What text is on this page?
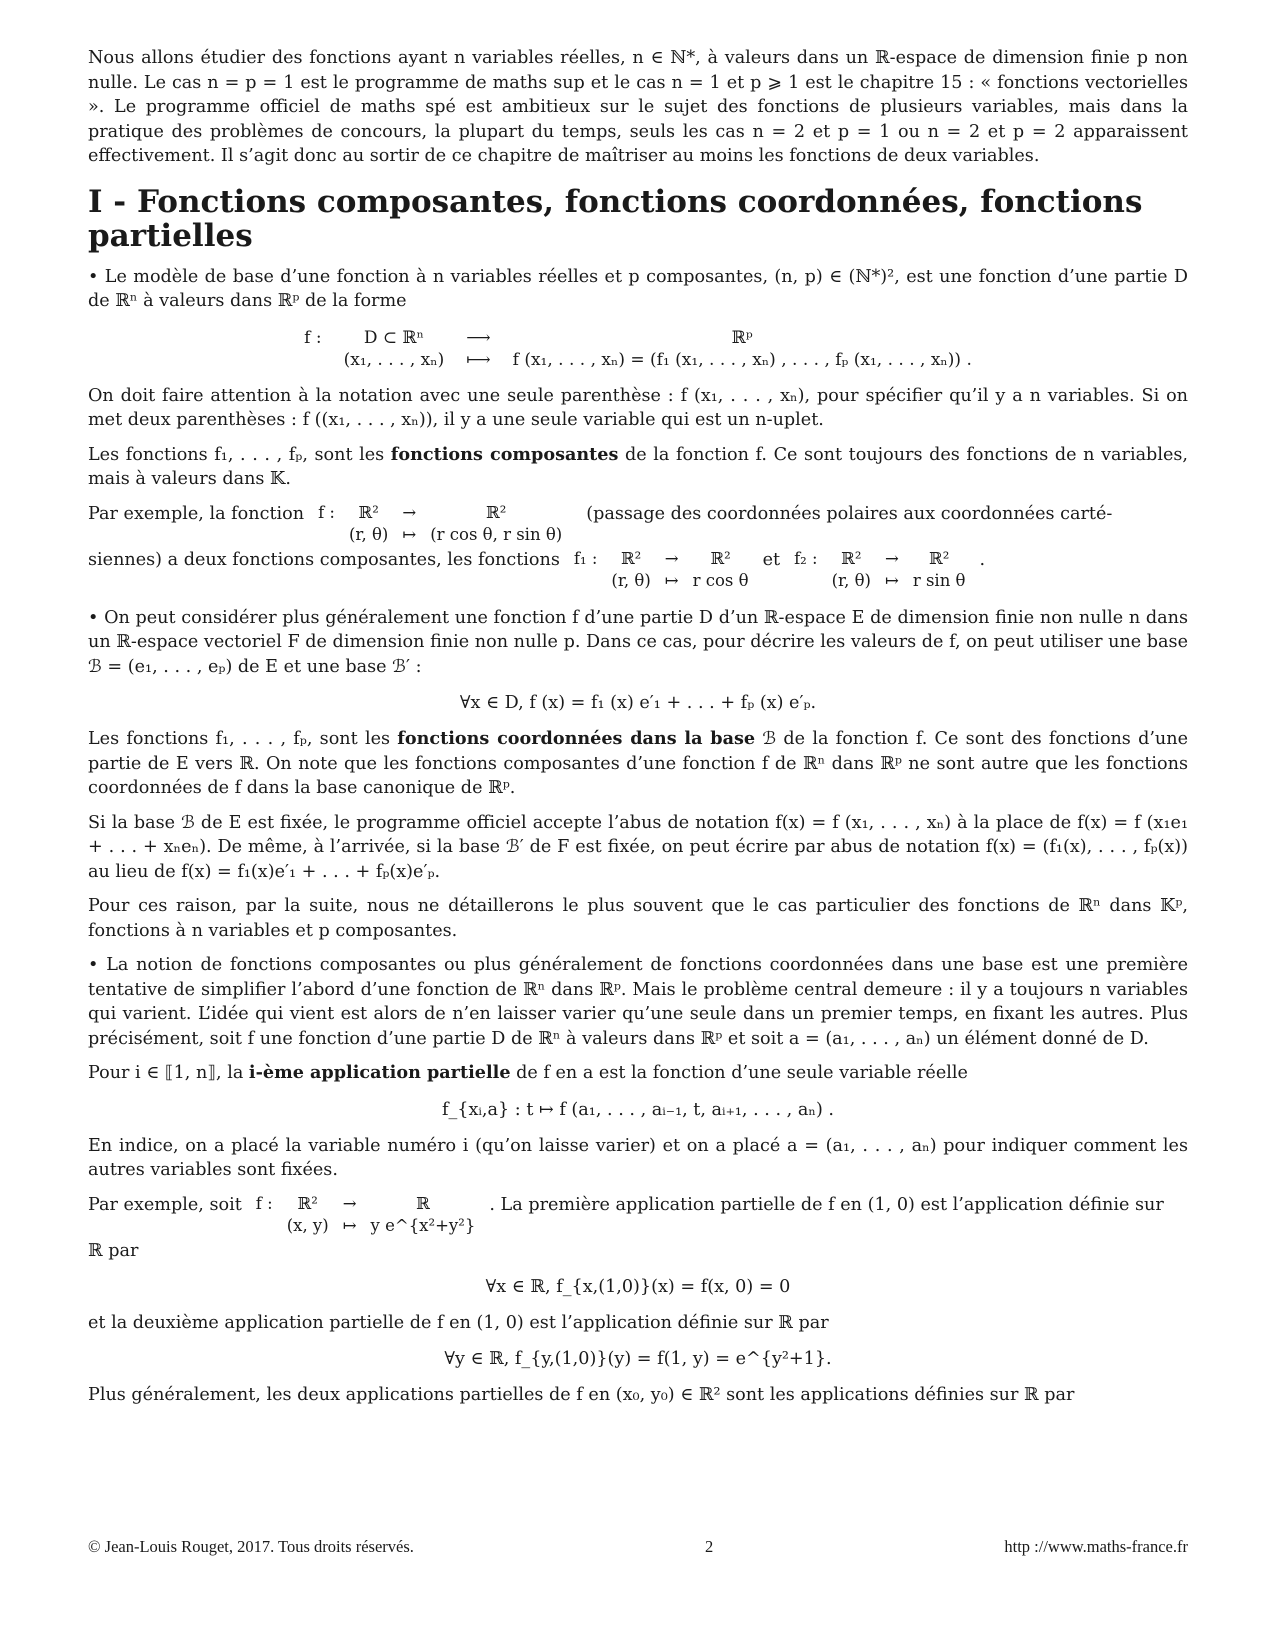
Nous allons étudier des fonctions ayant n variables réelles, n ∈ ℕ*, à valeurs dans un ℝ-espace de dimension finie p non nulle. Le cas n = p = 1 est le programme de maths sup et le cas n = 1 et p ⩾ 1 est le chapitre 15 : « fonctions vectorielles ». Le programme officiel de maths spé est ambitieux sur le sujet des fonctions de plusieurs variables, mais dans la pratique des problèmes de concours, la plupart du temps, seuls les cas n = 2 et p = 1 ou n = 2 et p = 2 apparaissent effectivement. Il s’agit donc au sortir de ce chapitre de maîtriser au moins les fonctions de deux variables.

I - Fonctions composantes, fonctions coordonnées, fonctions partielles

• Le modèle de base d’une fonction à n variables réelles et p composantes, (n, p) ∈ (ℕ*)², est une fonction d’une partie D de ℝⁿ à valeurs dans ℝᵖ de la forme

f :	D ⊂ ℝⁿ	⟶	ℝᵖ
(x₁, . . . , xₙ) ⟼ f (x₁, . . . , xₙ) = (f₁ (x₁, . . . , xₙ) , . . . , fₚ (x₁, . . . , xₙ)) .

On doit faire attention à la notation avec une seule parenthèse : f (x₁, . . . , xₙ), pour spécifier qu’il y a n variables. Si on met deux parenthèses : f ((x₁, . . . , xₙ)), il y a une seule variable qui est un n-uplet.

Les fonctions f₁, . . . , fₚ, sont les fonctions composantes de la fonction f. Ce sont toujours des fonctions de n variables, mais à valeurs dans 𝕂.

Par exemple, la fonction f :	ℝ²	→	ℝ²
(r, θ) ↦ (r cos θ, r sin θ)
(passage des coordonnées polaires aux coordonnées carté-
siennes) a deux fonctions composantes, les fonctions f₁ :	ℝ²	→	ℝ²
(r, θ) ↦ r cos θ
et f₂ :	ℝ²	→	ℝ²
(r, θ) ↦ r sin θ
.

• On peut considérer plus généralement une fonction f d’une partie D d’un ℝ-espace E de dimension finie non nulle n dans un ℝ-espace vectoriel F de dimension finie non nulle p. Dans ce cas, pour décrire les valeurs de f, on peut utiliser une base ℬ = (e₁, . . . , eₚ) de E et une base ℬ′ :

∀x ∈ D, f (x) = f₁ (x) e′₁ + . . . + fₚ (x) e′ₚ.

Les fonctions f₁, . . . , fₚ, sont les fonctions coordonnées dans la base ℬ de la fonction f. Ce sont des fonctions d’une partie de E vers ℝ. On note que les fonctions composantes d’une fonction f de ℝⁿ dans ℝᵖ ne sont autre que les fonctions coordonnées de f dans la base canonique de ℝᵖ.

Si la base ℬ de E est fixée, le programme officiel accepte l’abus de notation f(x) = f (x₁, . . . , xₙ) à la place de f(x) = f (x₁e₁ + . . . + xₙeₙ). De même, à l’arrivée, si la base ℬ′ de F est fixée, on peut écrire par abus de notation f(x) = (f₁(x), . . . , fₚ(x)) au lieu de f(x) = f₁(x)e′₁ + . . . + fₚ(x)e′ₚ.

Pour ces raison, par la suite, nous ne détaillerons le plus souvent que le cas particulier des fonctions de ℝⁿ dans 𝕂ᵖ, fonctions à n variables et p composantes.

• La notion de fonctions composantes ou plus généralement de fonctions coordonnées dans une base est une première tentative de simplifier l’abord d’une fonction de ℝⁿ dans ℝᵖ. Mais le problème central demeure : il y a toujours n variables qui varient. L’idée qui vient est alors de n’en laisser varier qu’une seule dans un premier temps, en fixant les autres. Plus précisément, soit f une fonction d’une partie D de ℝⁿ à valeurs dans ℝᵖ et soit a = (a₁, . . . , aₙ) un élément donné de D.

Pour i ∈ ⟦1, n⟧, la i-ème application partielle de f en a est la fonction d’une seule variable réelle

f_{xᵢ,a} : t ↦ f (a₁, . . . , aᵢ₋₁, t, aᵢ₊₁, . . . , aₙ) .

En indice, on a placé la variable numéro i (qu’on laisse varier) et on a placé a = (a₁, . . . , aₙ) pour indiquer comment les autres variables sont fixées.

Par exemple, soit f :	ℝ²	→	ℝ
(x, y) ↦ y e^{x²+y²}
. La première application partielle de f en (1, 0) est l’application définie sur
ℝ par
∀x ∈ ℝ, f_{x,(1,0)}(x) = f(x, 0) = 0

et la deuxième application partielle de f en (1, 0) est l’application définie sur ℝ par

∀y ∈ ℝ, f_{y,(1,0)}(y) = f(1, y) = e^{y²+1}.

Plus généralement, les deux applications partielles de f en (x₀, y₀) ∈ ℝ² sont les applications définies sur ℝ par

© Jean-Louis Rouget, 2017. Tous droits réservés.	2	http ://www.maths-france.fr
